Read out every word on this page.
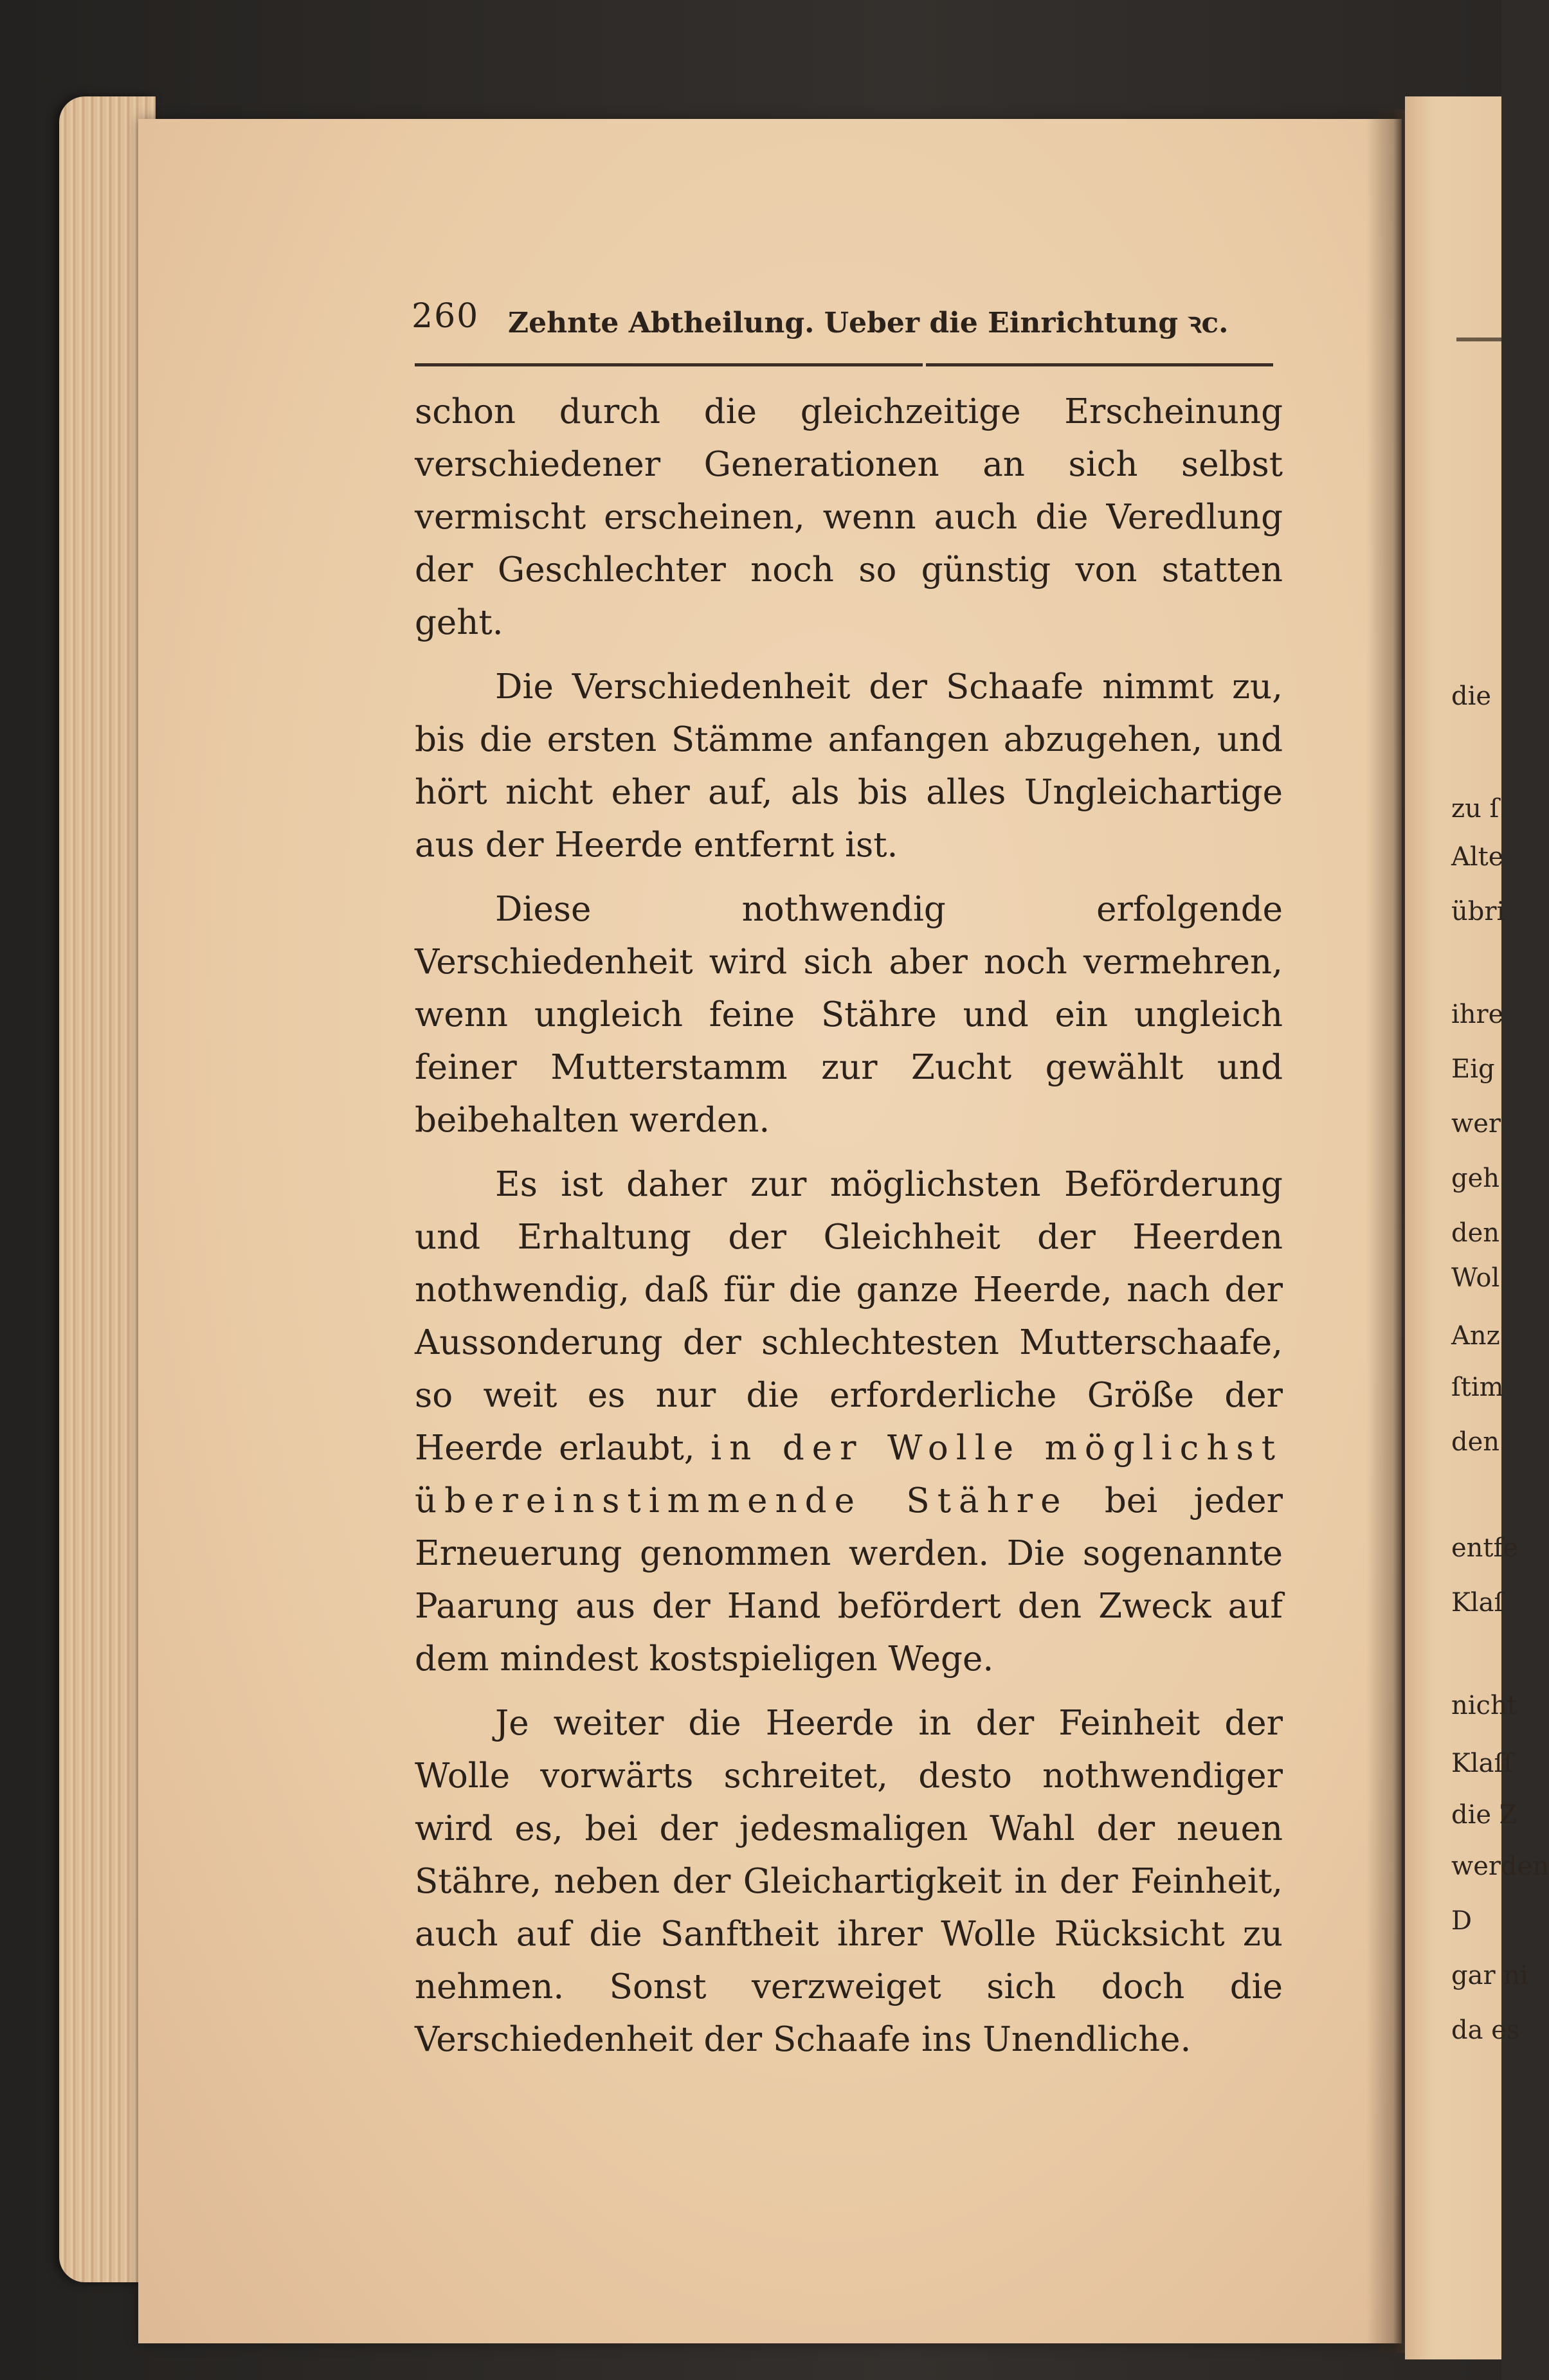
die
zu ſ
Alte
übri
ihre
Eig
wer
geh
den
Wol
Anz
ſtim
den
entfe
Klaſ
nicht
Klaſſ
die Z
werden
D
gar ni
da es
260 Zehnte Abtheilung. Ueber die Einrichtung ꝛc.

schon durch die gleichzeitige Erscheinung verschiedener Generationen an sich selbst vermischt erscheinen, wenn auch die Veredlung der Geschlechter noch so günstig von statten geht.

Die Verschiedenheit der Schaafe nimmt zu, bis die ersten Stämme anfangen abzugehen, und hört nicht eher auf, als bis alles Ungleichartige aus der Heerde entfernt ist.

Diese nothwendig erfolgende Verschiedenheit wird sich aber noch vermehren, wenn ungleich feine Stähre und ein ungleich feiner Mutterstamm zur Zucht gewählt und beibehalten werden.

Es ist daher zur möglichsten Beförderung und Erhaltung der Gleichheit der Heerden nothwendig, daß für die ganze Heerde, nach der Aussonderung der schlechtesten Mutterschaafe, so weit es nur die erforderliche Größe der Heerde erlaubt, in der Wolle möglichst übereinstimmende Stähre bei jeder Erneuerung genommen werden. Die sogenannte Paarung aus der Hand befördert den Zweck auf dem mindest kostspieligen Wege.

Je weiter die Heerde in der Feinheit der Wolle vorwärts schreitet, desto nothwendiger wird es, bei der jedesmaligen Wahl der neuen Stähre, neben der Gleichartigkeit in der Feinheit, auch auf die Sanftheit ihrer Wolle Rücksicht zu nehmen. Sonst verzweiget sich doch die Verschiedenheit der Schaafe ins Unendliche.
